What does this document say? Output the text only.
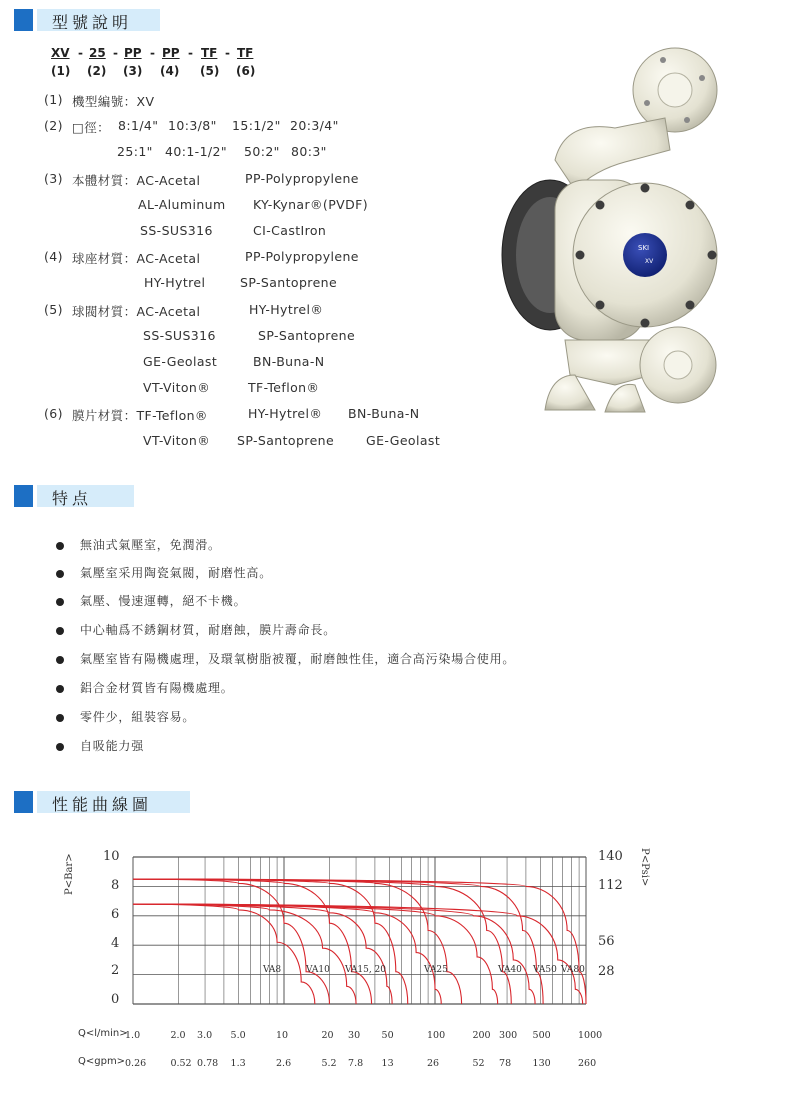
型號說明
XV - 25 - PP - PP - TF - TF
(1) (2) (3) (4) (5) (6)
(1) 機型編號：XV
(2) □徑： 8:1/4" 10:3/8" 15:1/2" 20:3/4"
25:1" 40:1-1/2" 50:2" 80:3"
(3) 本體材質：AC-Acetal	PP-Polypropylene
AL-Aluminum KY-Kynar®(PVDF)
SS-SUS316	CI-CastIron
(4) 球座材質：AC-Acetal	PP-Polypropylene
HY-Hytrel	SP-Santoprene
(5) 球閥材質：AC-Acetal	HY-Hytrel®
SS-SUS316	SP-Santoprene
GE-Geolast	BN-Buna-N
VT-Viton®	TF-Teflon®
(6) 膜片材質：TF-Teflon®	HY-Hytrel® BN-Buna-N
VT-Viton® SP-Santoprene	GE-Geolast
SKI
XV
特点
無油式氣壓室，免潤滑。
氣壓室采用陶瓷氣閥，耐磨性高。
氣壓、慢速運轉，絕不卡機。
中心軸爲不銹鋼材質，耐磨蝕，膜片壽命長。
氣壓室皆有陽機處理，及環氧樹脂被覆，耐磨蝕性佳，適合高污染場合使用。
鋁合金材質皆有陽機處理。
零件少，組裝容易。
自吸能力强
性能曲線圖
P<Bar>	P<Psi>
10
8
6
4
2
0
140
112
56
28
VA8	VA10 VA15, 20	VA25	VA40 VA50 VA80
Q<l/min>
Q<gpm>
1.0
0.26
2.0
0.52
3.0
0.78
5.0
1.3
10
2.6
20
5.2
30
7.8
50
13
100
26
200
52
300
78
500
130
1000
260
